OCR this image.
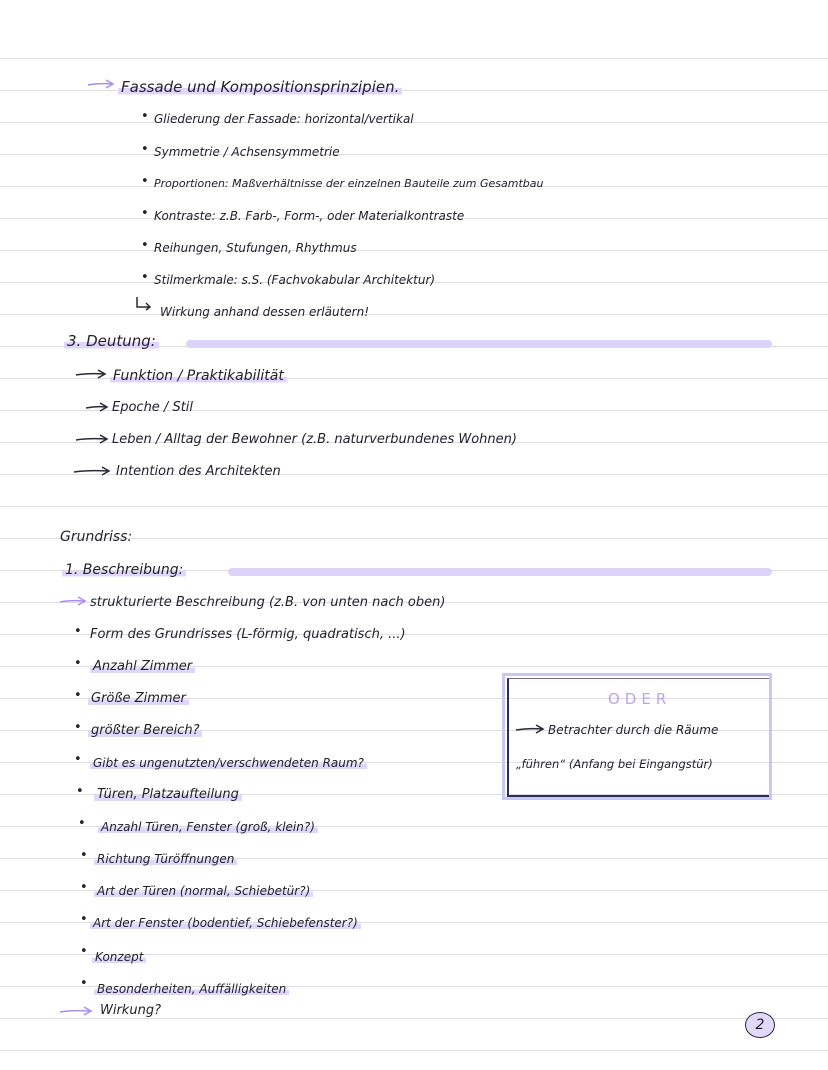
Fassade und Kompositionsprinzipien.
• Gliederung der Fassade: horizontal/vertikal
• Symmetrie / Achsensymmetrie
• Proportionen: Maßverhältnisse der einzelnen Bauteile zum Gesamtbau
• Kontraste: z.B. Farb-, Form-, oder Materialkontraste
• Reihungen, Stufungen, Rhythmus
• Stilmerkmale: s.S. (Fachvokabular Architektur)
Wirkung anhand dessen erläutern!
3. Deutung:
Funktion / Praktikabilität
Epoche / Stil
Leben / Alltag der Bewohner (z.B. naturverbundenes Wohnen)
Intention des Architekten
Grundriss:
1. Beschreibung:
strukturierte Beschreibung (z.B. von unten nach oben)
• Form des Grundrisses (L-förmig, quadratisch, ...)
• Anzahl Zimmer
• Größe Zimmer
• größter Bereich?
• Gibt es ungenutzten/verschwendeten Raum?
• Türen, Platzaufteilung
• Anzahl Türen, Fenster (groß, klein?)
• Richtung Türöffnungen
• Art der Türen (normal, Schiebetür?)
• Art der Fenster (bodentief, Schiebefenster?)
• Konzept
• Besonderheiten, Auffälligkeiten
Wirkung?
ODER
Betrachter durch die Räume
„führen“ (Anfang bei Eingangstür)
2
